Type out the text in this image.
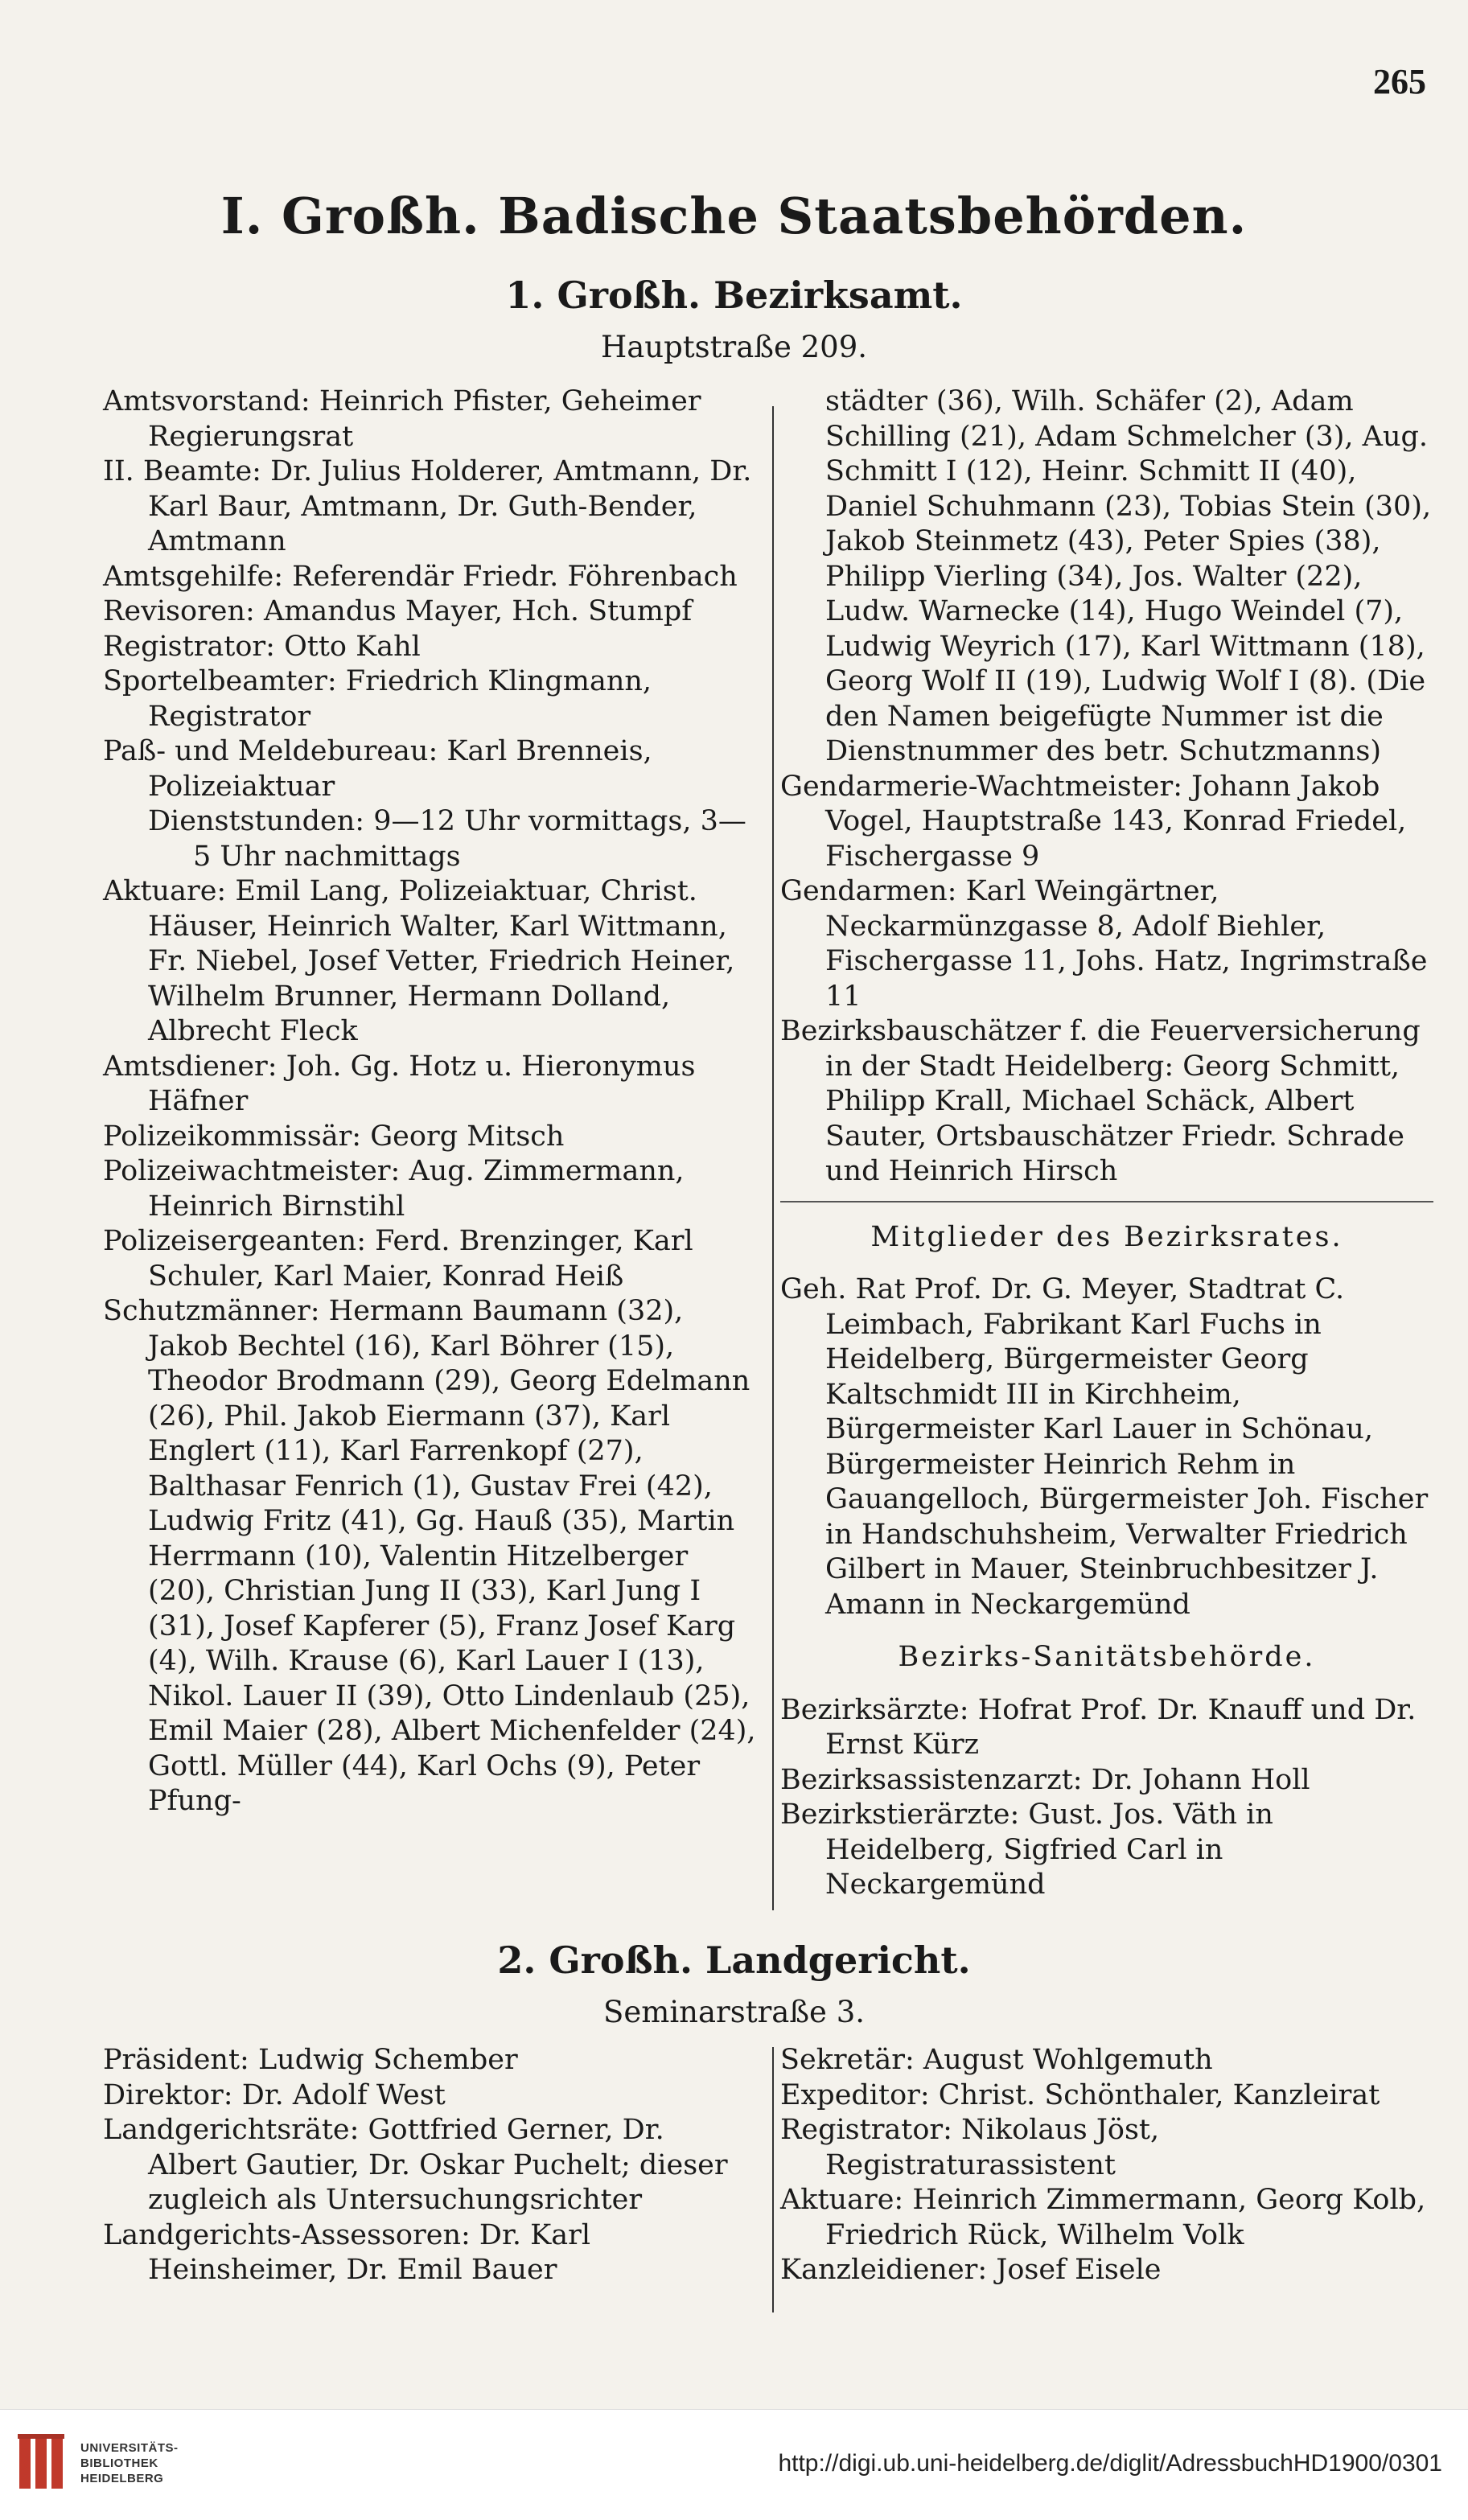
265
I. Großh. Badische Staatsbehörden.
1. Großh. Bezirksamt.
Hauptstraße 209.

Amtsvorstand: Heinrich Pfister, Geheimer Regierungsrat

II. Beamte: Dr. Julius Holderer, Amtmann, Dr. Karl Baur, Amtmann, Dr. Guth-Bender, Amtmann

Amtsgehilfe: Referendär Friedr. Föhrenbach

Revisoren: Amandus Mayer, Hch. Stumpf

Registrator: Otto Kahl

Sportelbeamter: Friedrich Klingmann, Registrator

Paß- und Meldebureau: Karl Brenneis, Polizeiaktuar

Dienststunden: 9—12 Uhr vormittags, 3—5 Uhr nachmittags

Aktuare: Emil Lang, Polizeiaktuar, Christ. Häuser, Heinrich Walter, Karl Wittmann, Fr. Niebel, Josef Vetter, Friedrich Heiner, Wilhelm Brunner, Hermann Dolland, Albrecht Fleck

Amtsdiener: Joh. Gg. Hotz u. Hieronymus Häfner

Polizeikommissär: Georg Mitsch

Polizeiwachtmeister: Aug. Zimmermann, Heinrich Birnstihl

Polizeisergeanten: Ferd. Brenzinger, Karl Schuler, Karl Maier, Konrad Heiß

Schutzmänner: Hermann Baumann (32), Jakob Bechtel (16), Karl Böhrer (15), Theodor Brodmann (29), Georg Edelmann (26), Phil. Jakob Eiermann (37), Karl Englert (11), Karl Farrenkopf (27), Balthasar Fenrich (1), Gustav Frei (42), Ludwig Fritz (41), Gg. Hauß (35), Martin Herrmann (10), Valentin Hitzelberger (20), Christian Jung II (33), Karl Jung I (31), Josef Kapferer (5), Franz Josef Karg (4), Wilh. Krause (6), Karl Lauer I (13), Nikol. Lauer II (39), Otto Lindenlaub (25), Emil Maier (28), Albert Michenfelder (24), Gottl. Müller (44), Karl Ochs (9), Peter Pfung-

städter (36), Wilh. Schäfer (2), Adam Schilling (21), Adam Schmelcher (3), Aug. Schmitt I (12), Heinr. Schmitt II (40), Daniel Schuhmann (23), Tobias Stein (30), Jakob Steinmetz (43), Peter Spies (38), Philipp Vierling (34), Jos. Walter (22), Ludw. Warnecke (14), Hugo Weindel (7), Ludwig Weyrich (17), Karl Wittmann (18), Georg Wolf II (19), Ludwig Wolf I (8). (Die den Namen beigefügte Nummer ist die Dienstnummer des betr. Schutzmanns)

Gendarmerie-Wachtmeister: Johann Jakob Vogel, Hauptstraße 143, Konrad Friedel, Fischergasse 9

Gendarmen: Karl Weingärtner, Neckarmünzgasse 8, Adolf Biehler, Fischergasse 11, Johs. Hatz, Ingrimstraße 11

Bezirksbauschätzer f. die Feuerversicherung in der Stadt Heidelberg: Georg Schmitt, Philipp Krall, Michael Schäck, Albert Sauter, Ortsbauschätzer Friedr. Schrade und Heinrich Hirsch

Mitglieder des Bezirksrates.

Geh. Rat Prof. Dr. G. Meyer, Stadtrat C. Leimbach, Fabrikant Karl Fuchs in Heidelberg, Bürgermeister Georg Kaltschmidt III in Kirchheim, Bürgermeister Karl Lauer in Schönau, Bürgermeister Heinrich Rehm in Gauangelloch, Bürgermeister Joh. Fischer in Handschuhsheim, Verwalter Friedrich Gilbert in Mauer, Steinbruchbesitzer J. Amann in Neckargemünd

Bezirks-Sanitätsbehörde.

Bezirksärzte: Hofrat Prof. Dr. Knauff und Dr. Ernst Kürz

Bezirksassistenzarzt: Dr. Johann Holl

Bezirkstierärzte: Gust. Jos. Väth in Heidelberg, Sigfried Carl in Neckargemünd

2. Großh. Landgericht.
Seminarstraße 3.

Präsident: Ludwig Schember

Direktor: Dr. Adolf West

Landgerichtsräte: Gottfried Gerner, Dr. Albert Gautier, Dr. Oskar Puchelt; dieser zugleich als Untersuchungsrichter

Landgerichts-Assessoren: Dr. Karl Heinsheimer, Dr. Emil Bauer

Sekretär: August Wohlgemuth

Expeditor: Christ. Schönthaler, Kanzleirat

Registrator: Nikolaus Jöst, Registraturassistent

Aktuare: Heinrich Zimmermann, Georg Kolb, Friedrich Rück, Wilhelm Volk

Kanzleidiener: Josef Eisele

UNIVERSITÄTS-
BIBLIOTHEK
HEIDELBERG
http://digi.ub.uni-heidelberg.de/diglit/AdressbuchHD1900/0301
